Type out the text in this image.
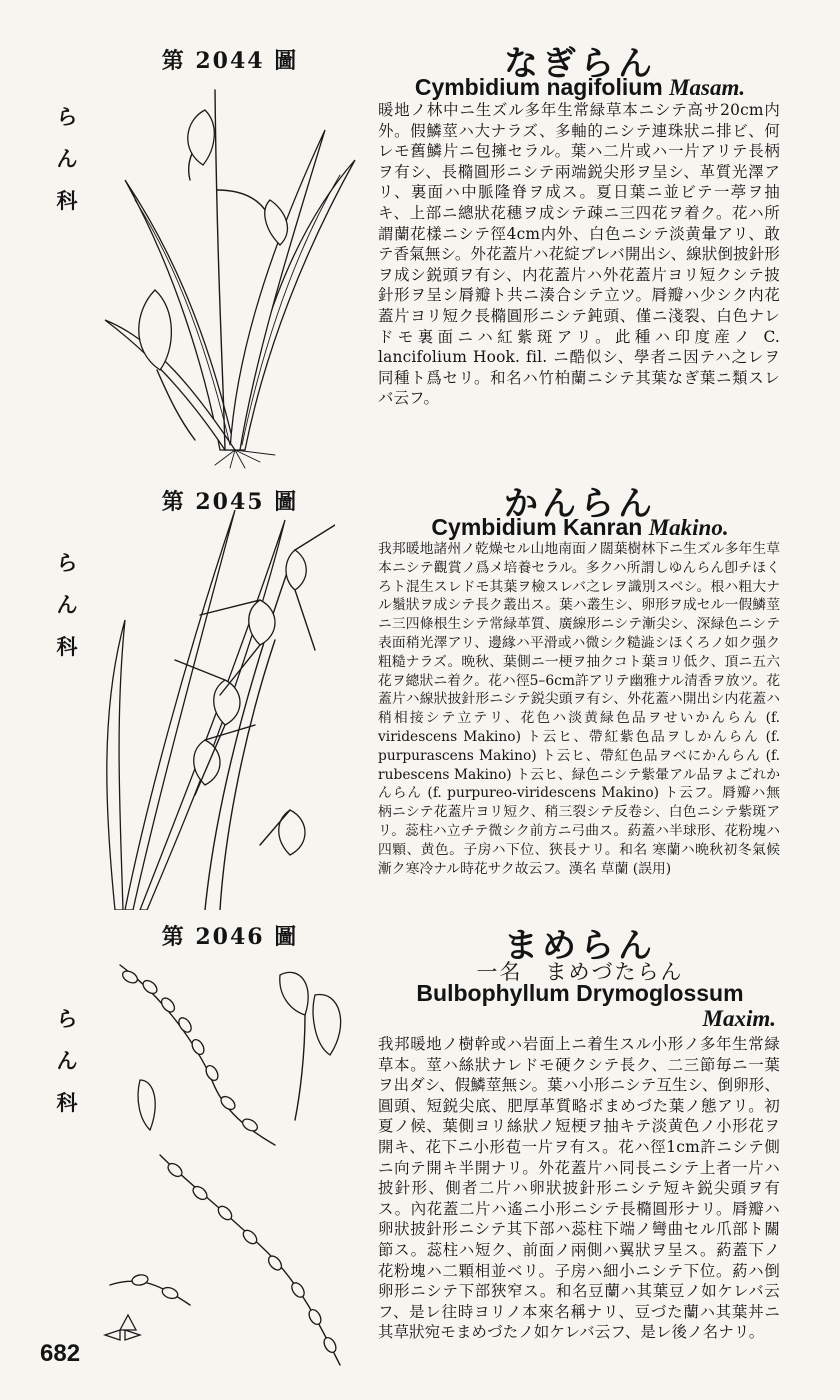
第 2044 圖
ら
ん
科
なぎらん
Cymbidium nagifolium Masam.
暖地ノ林中ニ生ズル多年生常緑草本ニシテ高サ20cm内外。假鱗莖ハ大ナラズ、多軸的ニシテ連珠狀ニ排ビ、何レモ舊鱗片ニ包擁セラル。葉ハ二片或ハ一片アリテ長柄ヲ有シ、長橢圓形ニシテ兩端鋭尖形ヲ呈シ、革質光澤アリ、裏面ハ中脈隆脊ヲ成ス。夏日葉ニ並ビテ一葶ヲ抽キ、上部ニ總狀花穗ヲ成シテ疎ニ三四花ヲ着ク。花ハ所謂蘭花樣ニシテ徑4cm内外、白色ニシテ淡黄暈アリ、敢テ香氣無シ。外花蓋片ハ花綻ブレバ開出シ、線狀倒披針形ヲ成シ鋭頭ヲ有シ、内花蓋片ハ外花蓋片ヨリ短クシテ披針形ヲ呈シ脣瓣ト共ニ湊合シテ立ツ。脣瓣ハ少シク内花蓋片ヨリ短ク長橢圓形ニシテ鈍頭、僅ニ淺裂、白色ナレドモ裏面ニハ紅紫斑アリ。此種ハ印度産ノ C. lancifolium Hook. fil. ニ酷似シ、學者ニ因テハ之レヲ同種ト爲セリ。和名ハ竹柏蘭ニシテ其葉なぎ葉ニ類スレバ云フ。
第 2045 圖
ら
ん
科
かんらん
Cymbidium Kanran Makino.
我邦暖地諸州ノ乾燥セル山地南面ノ闊葉樹林下ニ生ズル多年生草本ニシテ觀賞ノ爲メ培養セラル。多クハ所謂しゆんらん卽チほくろト混生スレドモ其葉ヲ檢スレバ之レヲ識別スベシ。根ハ粗大ナル鬚狀ヲ成シテ長ク叢出ス。葉ハ叢生シ、卵形ヲ成セル一假鱗莖ニ三四條根生シテ常緑革質、廣線形ニシテ漸尖シ、深緑色ニシテ表面稍光澤アリ、邊緣ハ平滑或ハ微シク糙澁シほくろノ如ク强ク粗糙ナラズ。晩秋、葉側ニ一梗ヲ抽クコト葉ヨリ低ク、頂ニ五六花ヲ總狀ニ着ク。花ハ徑5–6cm許アリテ幽雅ナル清香ヲ放ツ。花蓋片ハ線狀披針形ニシテ鋭尖頭ヲ有シ、外花蓋ハ開出シ内花蓋ハ稍相接シテ立テリ、花色ハ淡黄緑色品ヲせいかんらん (f. viridescens Makino) ト云ヒ、帶紅紫色品ヲしかんらん (f. purpurascens Makino) ト云ヒ、帶紅色品ヲべにかんらん (f. rubescens Makino) ト云ヒ、緑色ニシテ紫暈アル品ヲよごれかんらん (f. purpureo-viridescens Makino) ト云フ。脣瓣ハ無柄ニシテ花蓋片ヨリ短ク、稍三裂シテ反卷シ、白色ニシテ紫斑アリ。蕊柱ハ立チテ微シク前方ニ弓曲ス。葯蓋ハ半球形、花粉塊ハ四顆、黄色。子房ハ下位、狹長ナリ。和名 寒蘭ハ晩秋初冬氣候漸ク寒冷ナル時花サク故云フ。漢名 草蘭 (誤用)
第 2046 圖
ら
ん
科
まめらん
一名　まめづたらん
Bulbophyllum Drymoglossum
Maxim.
我邦暖地ノ樹幹或ハ岩面上ニ着生スル小形ノ多年生常緑草本。莖ハ絲狀ナレドモ硬クシテ長ク、二三節毎ニ一葉ヲ出ダシ、假鱗莖無シ。葉ハ小形ニシテ互生シ、倒卵形、圓頭、短鋭尖底、肥厚革質略ボまめづた葉ノ態アリ。初夏ノ候、葉側ヨリ絲狀ノ短梗ヲ抽キテ淡黄色ノ小形花ヲ開キ、花下ニ小形苞一片ヲ有ス。花ハ徑1cm許ニシテ側ニ向テ開キ半開ナリ。外花蓋片ハ同長ニシテ上者一片ハ披針形、側者二片ハ卵狀披針形ニシテ短キ鋭尖頭ヲ有ス。內花蓋二片ハ遙ニ小形ニシテ長橢圓形ナリ。脣瓣ハ卵狀披針形ニシテ其下部ハ蕊柱下端ノ彎曲セル爪部ト關節ス。蕊柱ハ短ク、前面ノ兩側ハ翼狀ヲ呈ス。葯蓋下ノ花粉塊ハ二顆相並ベリ。子房ハ細小ニシテ下位。葯ハ倒卵形ニシテ下部狹窄ス。和名豆蘭ハ其葉豆ノ如ケレバ云フ、是レ往時ヨリノ本來名稱ナリ、豆づた蘭ハ其葉丼ニ其草狀宛モまめづたノ如ケレバ云フ、是レ後ノ名ナリ。
682
